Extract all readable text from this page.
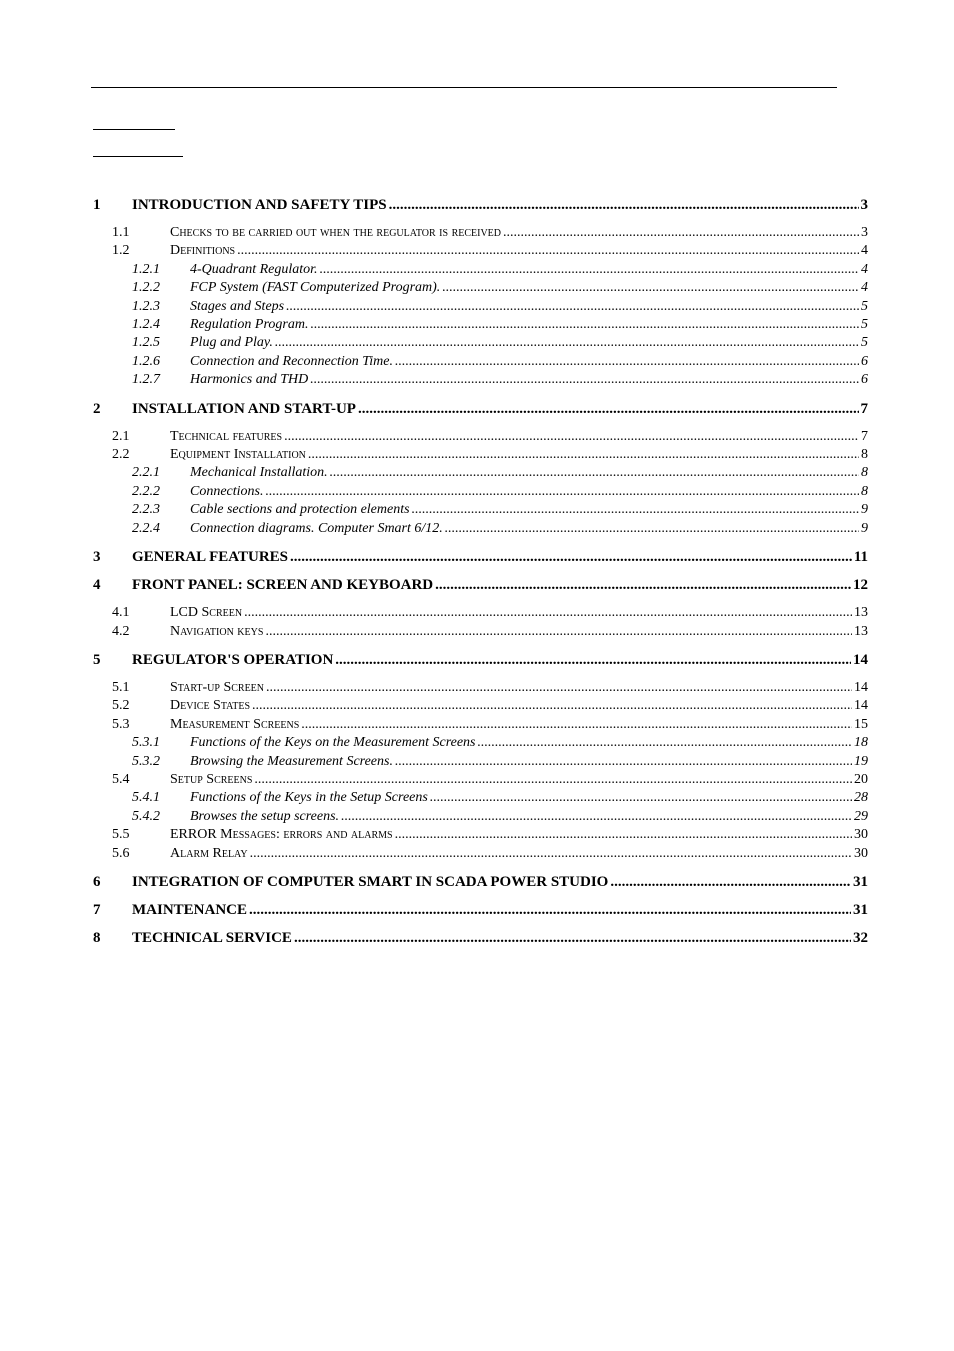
1	INTRODUCTION AND SAFETY TIPS .....	3
1.1	Checks to be carried out when the regulator is received .....	3
1.2	Definitions .....	4
1.2.1	4-Quadrant Regulator. .....	4
1.2.2	FCP System (FAST Computerized Program). .....	4
1.2.3	Stages and Steps .....	5
1.2.4	Regulation Program. .....	5
1.2.5	Plug and Play. .....	5
1.2.6	Connection and Reconnection Time. .....	6
1.2.7	Harmonics and THD .....	6
2	INSTALLATION AND START-UP .....	7
2.1	Technical features .....	7
2.2	Equipment Installation .....	8
2.2.1	Mechanical Installation. .....	8
2.2.2	Connections. .....	8
2.2.3	Cable sections and protection elements .....	9
2.2.4	Connection diagrams. Computer Smart 6/12. .....	9
3	GENERAL FEATURES .....	11
4	FRONT PANEL: SCREEN AND KEYBOARD .....	12
4.1	LCD Screen .....	13
4.2	Navigation keys .....	13
5	REGULATOR'S OPERATION .....	14
5.1	Start-up Screen .....	14
5.2	Device States .....	14
5.3	Measurement Screens .....	15
5.3.1	Functions of the Keys on the Measurement Screens .....	18
5.3.2	Browsing the Measurement Screens. .....	19
5.4	Setup Screens .....	20
5.4.1	Functions of the Keys in the Setup Screens .....	28
5.4.2	Browses the setup screens. .....	29
5.5	ERROR Messages: errors and alarms .....	30
5.6	Alarm Relay .....	30
6	INTEGRATION OF COMPUTER SMART IN SCADA POWER STUDIO .....	31
7	MAINTENANCE .....	31
8	TECHNICAL SERVICE .....	32
